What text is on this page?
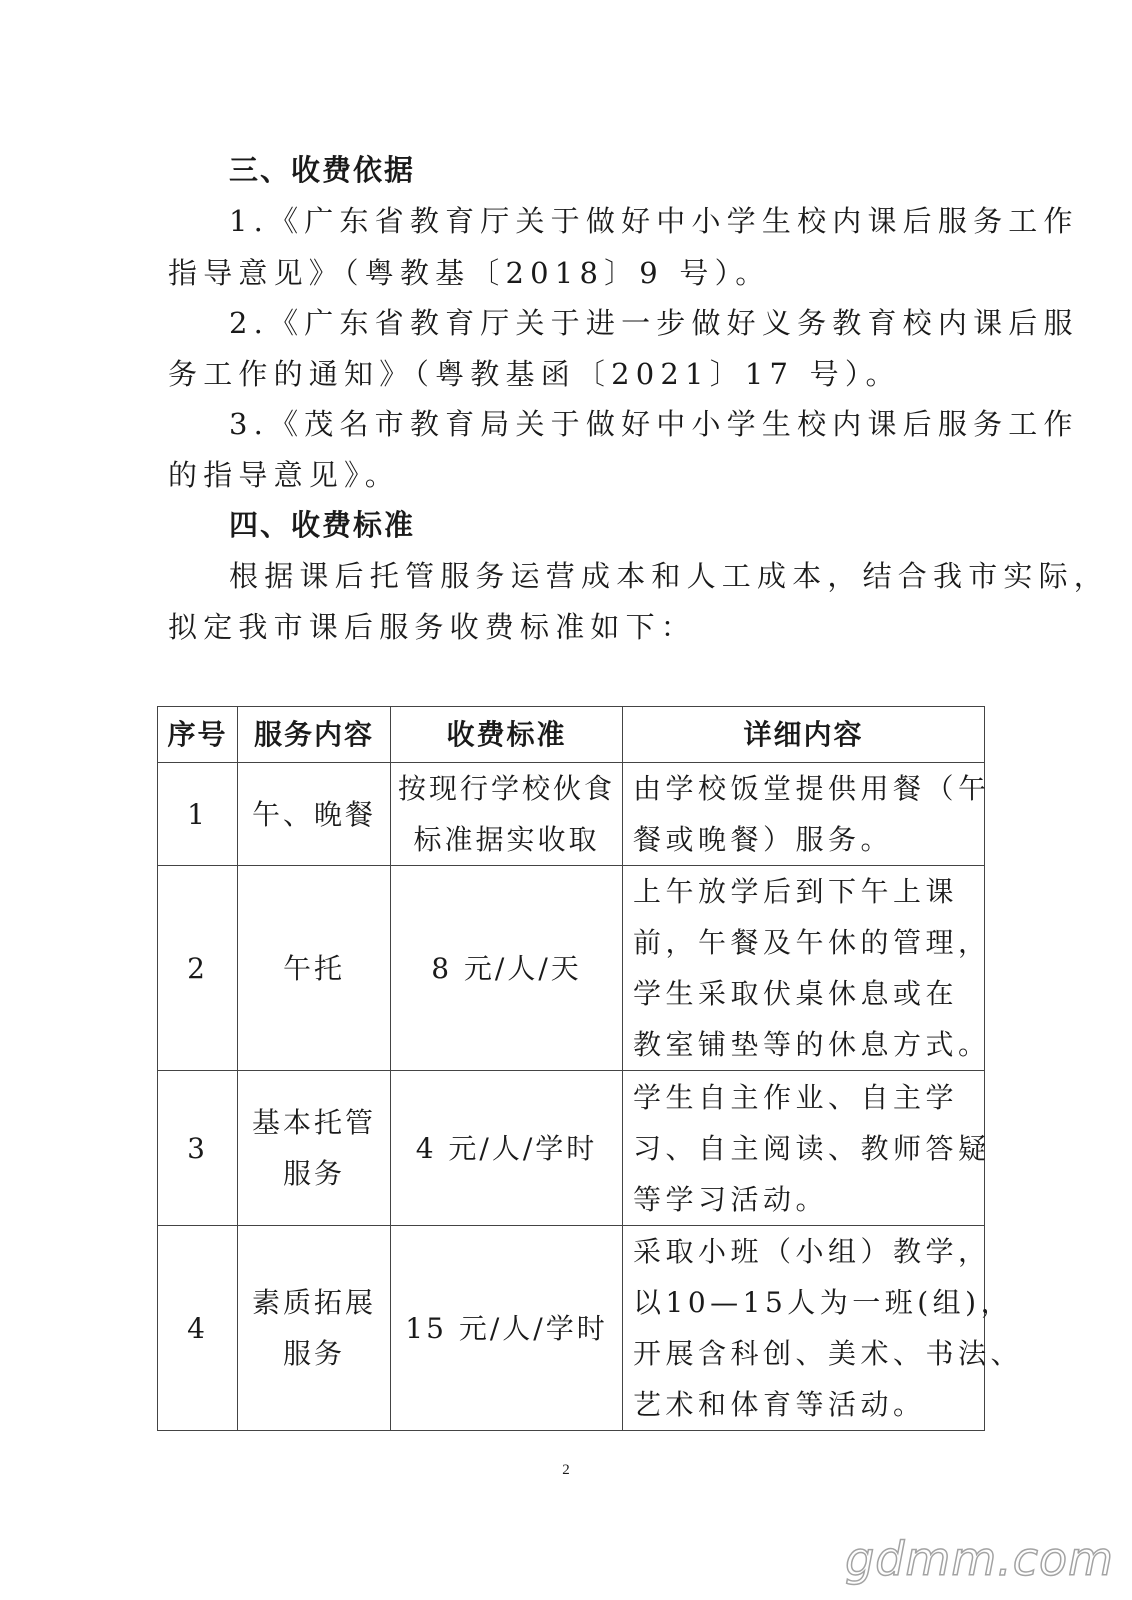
三、收费依据
1.《广东省教育厅关于做好中小学生校内课后服务工作
指导意见》（粤教基〔2018〕9 号）。
2.《广东省教育厅关于进一步做好义务教育校内课后服
务工作的通知》（粤教基函〔2021〕17 号）。
3.《茂名市教育局关于做好中小学生校内课后服务工作
的指导意见》。
四、收费标准
根据课后托管服务运营成本和人工成本，结合我市实际，
拟定我市课后服务收费标准如下：
序号	服务内容	收费标准	详细内容
1	午、晚餐	按现行学校伙食
标准据实收取	由学校饭堂提供用餐（午
餐或晚餐）服务。

2	午托	8 元/人/天	上午放学后到下午上课
前，午餐及午休的管理，
学生采取伏桌休息或在
教室铺垫等的休息方式。

3	基本托管
服务	4 元/人/学时	学生自主作业、自主学
习、自主阅读、教师答疑
等学习活动。

4	素质拓展
服务	15 元/人/学时	采取小班（小组）教学，
以10—15人为一班(组)，
开展含科创、美术、书法、
艺术和体育等活动。
2
gdmm.com
